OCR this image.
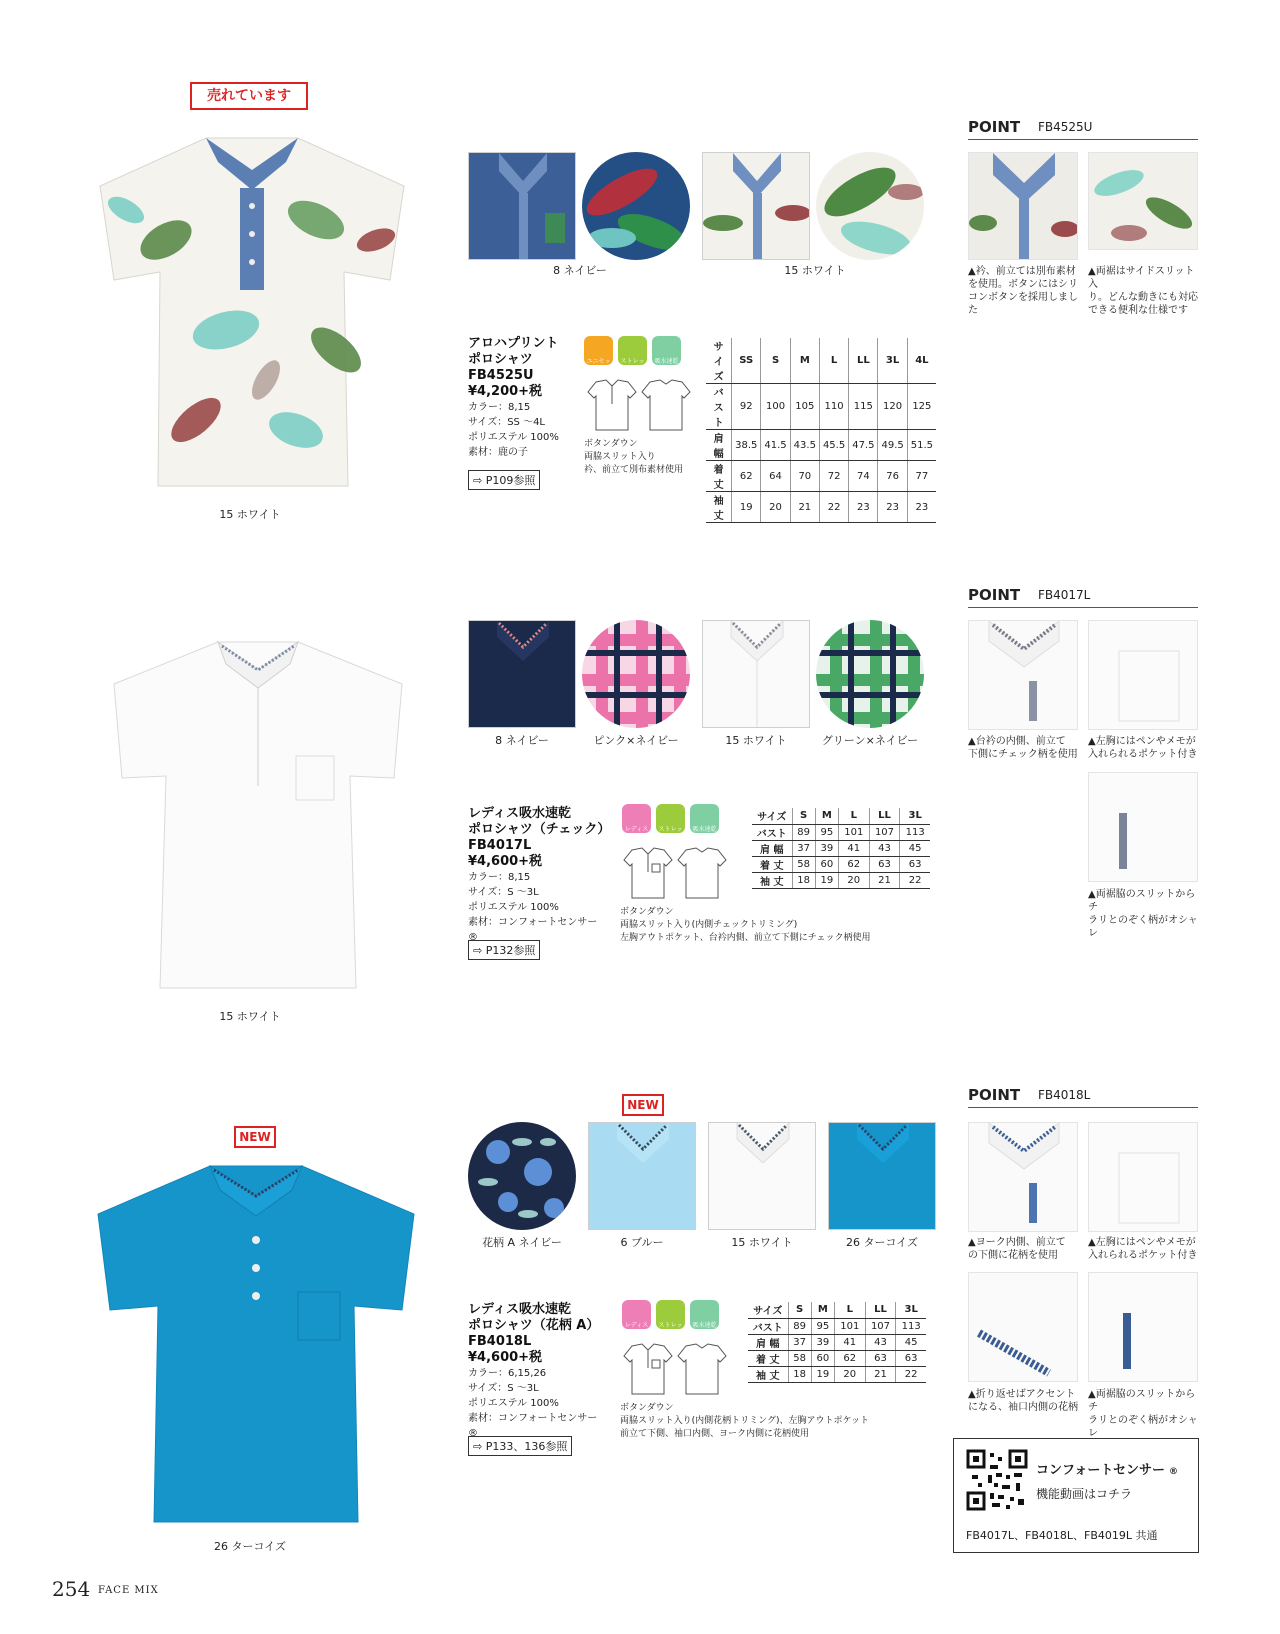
売れています
15 ホワイト
8 ネイビー	15 ホワイト
アロハプリント
ポロシャツ
FB4525U
¥4,200+税
カラー：8,15
サイズ：SS ～4L
ポリエステル 100%
素材：鹿の子
⇨ P109参照
ユニセックス
ストレッチ
吸水速乾
ボタンダウン
両脇スリット入り
衿、前立て別布素材使用
サイズ	SS	S	M	L	LL	3L	4L
バスト	92	100	105	110	115	120	125
肩 幅	38.5	41.5	43.5	45.5	47.5	49.5	51.5
着 丈	62	64	70	72	74	76	77
袖 丈	19	20	21	22	23	23	23
POINT FB4525U
▲衿、前立ては別布素材
を使用。ボタンにはシリ
コンボタンを採用しました
▲両裾はサイドスリット入
り。どんな動きにも対応
できる便利な仕様です
15 ホワイト
8 ネイビー	ピンク×ネイビー	15 ホワイト	グリーン×ネイビー
レディス吸水速乾
ポロシャツ（チェック）
FB4017L
¥4,600+税
カラー：8,15
サイズ：S ～3L
ポリエステル 100%
素材：コンフォートセンサー ®
⇨ P132参照
レディス	ストレッチ
吸水速乾
ボタンダウン
両脇スリット入り(内側チェックトリミング)
左胸アウトポケット、台衿内側、前立て下側にチェック柄使用
サイズ	S	M	L	LL	3L
バスト	89	95	101	107	113
肩 幅	37	39	41	43	45
着 丈	58	60	62	63	63
袖 丈	18	19	20	21	22
POINT FB4017L
▲台衿の内側、前立て
下側にチェック柄を使用
▲左胸にはペンやメモが
入れられるポケット付き
▲両裾脇のスリットからチ
ラリとのぞく柄がオシャレ
NEW
26 ターコイズ
NEW
花柄 A ネイビー	6 ブルー	15 ホワイト	26 ターコイズ
レディス吸水速乾
ポロシャツ（花柄 A）
FB4018L
¥4,600+税
カラー：6,15,26
サイズ：S ～3L
ポリエステル 100%
素材：コンフォートセンサー ®
⇨ P133、136参照
レディス	ストレッチ
吸水速乾
ボタンダウン
両脇スリット入り(内側花柄トリミング)、左胸アウトポケット
前立て下側、袖口内側、ヨーク内側に花柄使用
サイズ	S	M	L	LL	3L
バスト	89	95	101	107	113
肩 幅	37	39	41	43	45
着 丈	58	60	62	63	63
袖 丈	18	19	20	21	22
POINT FB4018L
▲ヨーク内側、前立て
の下側に花柄を使用
▲左胸にはペンやメモが
入れられるポケット付き
▲折り返せばアクセント
になる、袖口内側の花柄
▲両裾脇のスリットからチ
ラリとのぞく柄がオシャレ
コンフォートセンサー ®
機能動画はコチラ
FB4017L、FB4018L、FB4019L 共通
254 FACE MIX
